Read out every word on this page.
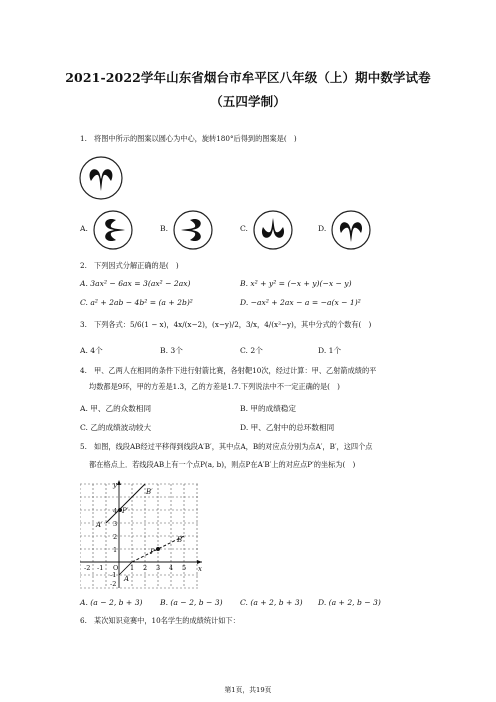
2021-2022学年山东省烟台市牟平区八年级（上）期中数学试卷
（五四学制）
1.　将图中所示的图案以圆心为中心，旋转180°后得到的图案是(　)
A.	B.	C.	D.
2.　下列因式分解正确的是(　)
A. 3ax² − 6ax = 3(ax² − 2ax)	B. x² + y² = (−x + y)(−x − y)
C. a² + 2ab − 4b² = (a + 2b)²	D. −ax² + 2ax − a = −a(x − 1)²
3.　下列各式：5/6(1 − x)，4x/(x−2)，(x−y)/2，3/x，4/(x²−y)，其中分式的个数有(　)
A. 4个	B. 3个	C. 2个	D. 1个
4.　甲、乙两人在相同的条件下进行射箭比赛，各射靶10次，经过计算：甲、乙射箭成绩的平
均数都是9环，甲的方差是1.3，乙的方差是1.7.下列说法中不一定正确的是(　)
A. 甲、乙的众数相同	B. 甲的成绩稳定
C. 乙的成绩波动较大	D. 甲、乙射中的总环数相同
5.　如图，线段AB经过平移得到线段A′B′，其中点A，B的对应点分别为点A′，B′，这四个点
都在格点上．若线段AB上有一个点P(a, b)，则点P在A′B′上的对应点P′的坐标为(　)
y
x
B′
P′
A′
P
B
A
O
-2 -1	1 2 3 4 5
4
3
2
1
-1
-2
A. (a − 2, b + 3) B. (a − 2, b − 3) C. (a + 2, b + 3) D. (a + 2, b − 3)
6.　某次知识竞赛中，10名学生的成绩统计如下：
第1页，共19页
